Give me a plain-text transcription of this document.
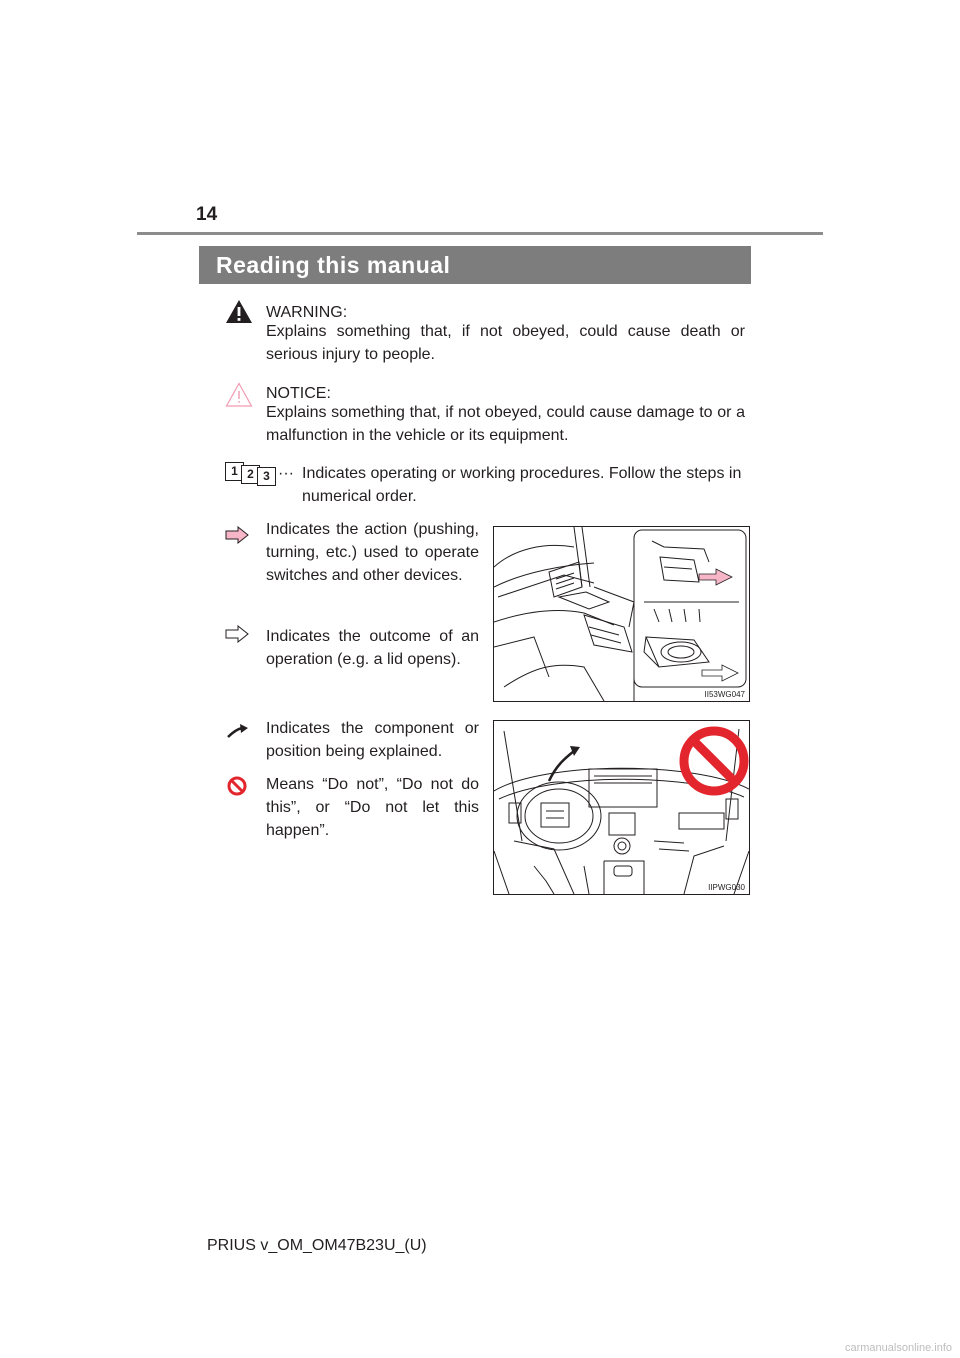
14
Reading this manual
WARNING:
Explains something that, if not obeyed, could cause death or serious injury to people.
NOTICE:
Explains something that, if not obeyed, could cause damage to or a malfunction in the vehicle or its equipment.
1 2 3 ··· Indicates operating or working procedures. Follow the steps in numerical order.
Indicates the action (pushing, turning, etc.) used to operate switches and other devices.
Indicates the outcome of an operation (e.g. a lid opens).
II53WG047
Indicates the component or position being explained.
Means “Do not”, “Do not do this”, or “Do not let this happen”.
IIPWG030
PRIUS v_OM_OM47B23U_(U)
carmanualsonline.info
